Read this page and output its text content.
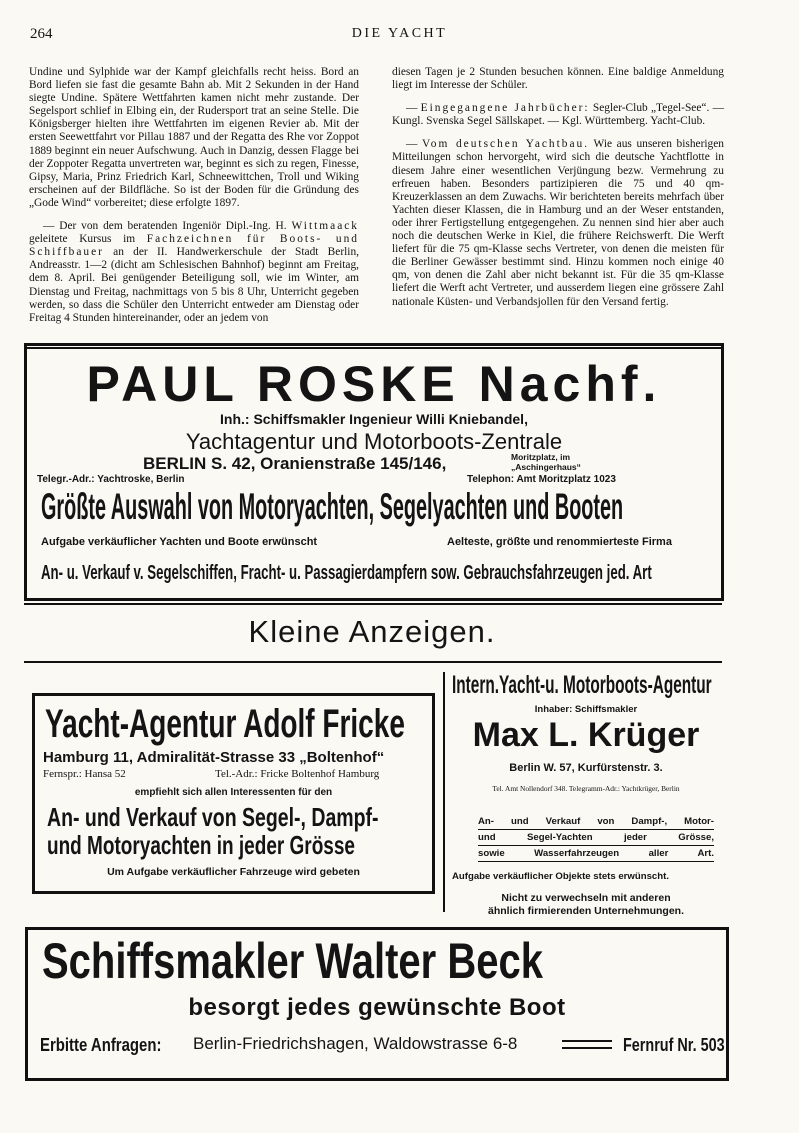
264	DIE YACHT

Undine und Sylphide war der Kampf gleichfalls recht heiss. Bord an Bord liefen sie fast die gesamte Bahn ab. Mit 2 Sekunden in der Hand siegte Undine. Spätere Wettfahrten kamen nicht mehr zustande. Der Segelsport schlief in Elbing ein, der Rudersport trat an seine Stelle. Die Königsberger hielten ihre Wettfahrten im eigenen Revier ab. Mit der ersten Seewettfahrt vor Pillau 1887 und der Regatta des Rhe vor Zoppot 1889 beginnt ein neuer Aufschwung. Auch in Danzig, dessen Flagge bei der Zoppoter Regatta unvertreten war, beginnt es sich zu regen, Finesse, Gipsy, Maria, Prinz Friedrich Karl, Schneewittchen, Troll und Wiking erscheinen auf der Bildfläche. So ist der Boden für die Gründung des „Gode Wind“ vorbereitet; diese erfolgte 1897.

— Der von dem beratenden Ingeniör Dipl.-Ing. H. Wittmaack geleitete Kursus im Fachzeichnen für Boots- und Schiffbauer an der II. Handwerkerschule der Stadt Berlin, Andreasstr. 1—2 (dicht am Schlesischen Bahnhof) beginnt am Freitag, dem 8. April. Bei genügender Beteiligung soll, wie im Winter, am Dienstag und Freitag, nachmittags von 5 bis 8 Uhr, Unterricht gegeben werden, so dass die Schüler den Unterricht entweder am Dienstag oder Freitag 4 Stunden hintereinander, oder an jedem von

diesen Tagen je 2 Stunden besuchen können. Eine baldige Anmeldung liegt im Interesse der Schüler.

— Eingegangene Jahrbücher: Segler-Club „Tegel-See“. — Kungl. Svenska Segel Sällskapet. — Kgl. Württemberg. Yacht-Club.

— Vom deutschen Yachtbau. Wie aus unseren bisherigen Mitteilungen schon hervorgeht, wird sich die deutsche Yachtflotte in diesem Jahre einer wesentlichen Verjüngung bezw. Vermehrung zu erfreuen haben. Besonders partizipieren die 75 und 40 qm-Kreuzerklassen an dem Zuwachs. Wir berichteten bereits mehrfach über Yachten dieser Klassen, die in Hamburg und an der Weser entstanden, oder ihrer Fertigstellung entgegengehen. Zu nennen sind hier aber auch noch die deutschen Werke in Kiel, die frühere Reichswerft. Die Werft liefert für die 75 qm-Klasse sechs Vertreter, von denen die meisten für die Berliner Gewässer bestimmt sind. Hinzu kommen noch einige 40 qm, von denen die Zahl aber nicht bekannt ist. Für die 35 qm-Klasse liefert die Werft acht Vertreter, und ausserdem liegen eine grössere Zahl nationale Küsten- und Verbandsjollen für den Versand fertig.

PAUL ROSKE Nachf.
Inh.: Schiffsmakler Ingenieur Willi Kniebandel,
Yachtagentur und Motorboots-Zentrale
BERLIN S. 42, Oranienstraße 145/146,	Moritzplatz, im
„Aschingerhaus“
Telegr.-Adr.: Yachtroske, Berlin	Telephon: Amt Moritzplatz 1023
Größte Auswahl von Motoryachten, Segelyachten und Booten
Aufgabe verkäuflicher Yachten und Boote erwünscht	Aelteste, größte und renommierteste Firma
An- u. Verkauf v. Segelschiffen, Fracht- u. Passagierdampfern sow. Gebrauchsfahrzeugen jed. Art
Kleine Anzeigen.
Yacht-Agentur Adolf Fricke
Hamburg 11, Admiralität-Strasse 33 „Boltenhof“
Fernspr.: Hansa 52	Tel.-Adr.: Fricke Boltenhof Hamburg
empfiehlt sich allen Interessenten für den
An- und Verkauf von Segel-, Dampf-
und Motoryachten in jeder Grösse
Um Aufgabe verkäuflicher Fahrzeuge wird gebeten
Intern.Yacht-u. Motorboots-Agentur
Inhaber: Schiffsmakler
Max L. Krüger
Berlin W. 57, Kurfürstenstr. 3.
Tel. Amt Nollendorf 348. Telegramm-Adr.: Yachtkrüger, Berlin
An- und Verkauf von Dampf-, Motor-
und Segel-Yachten jeder Grösse,
sowie Wasserfahrzeugen aller Art.
Aufgabe verkäuflicher Objekte stets erwünscht.
Nicht zu verwechseln mit anderen
ähnlich firmierenden Unternehmungen.
Schiffsmakler Walter Beck
besorgt jedes gewünschte Boot
Erbitte Anfragen: Berlin-Friedrichshagen, Waldowstrasse 6-8	Fernruf Nr. 503
